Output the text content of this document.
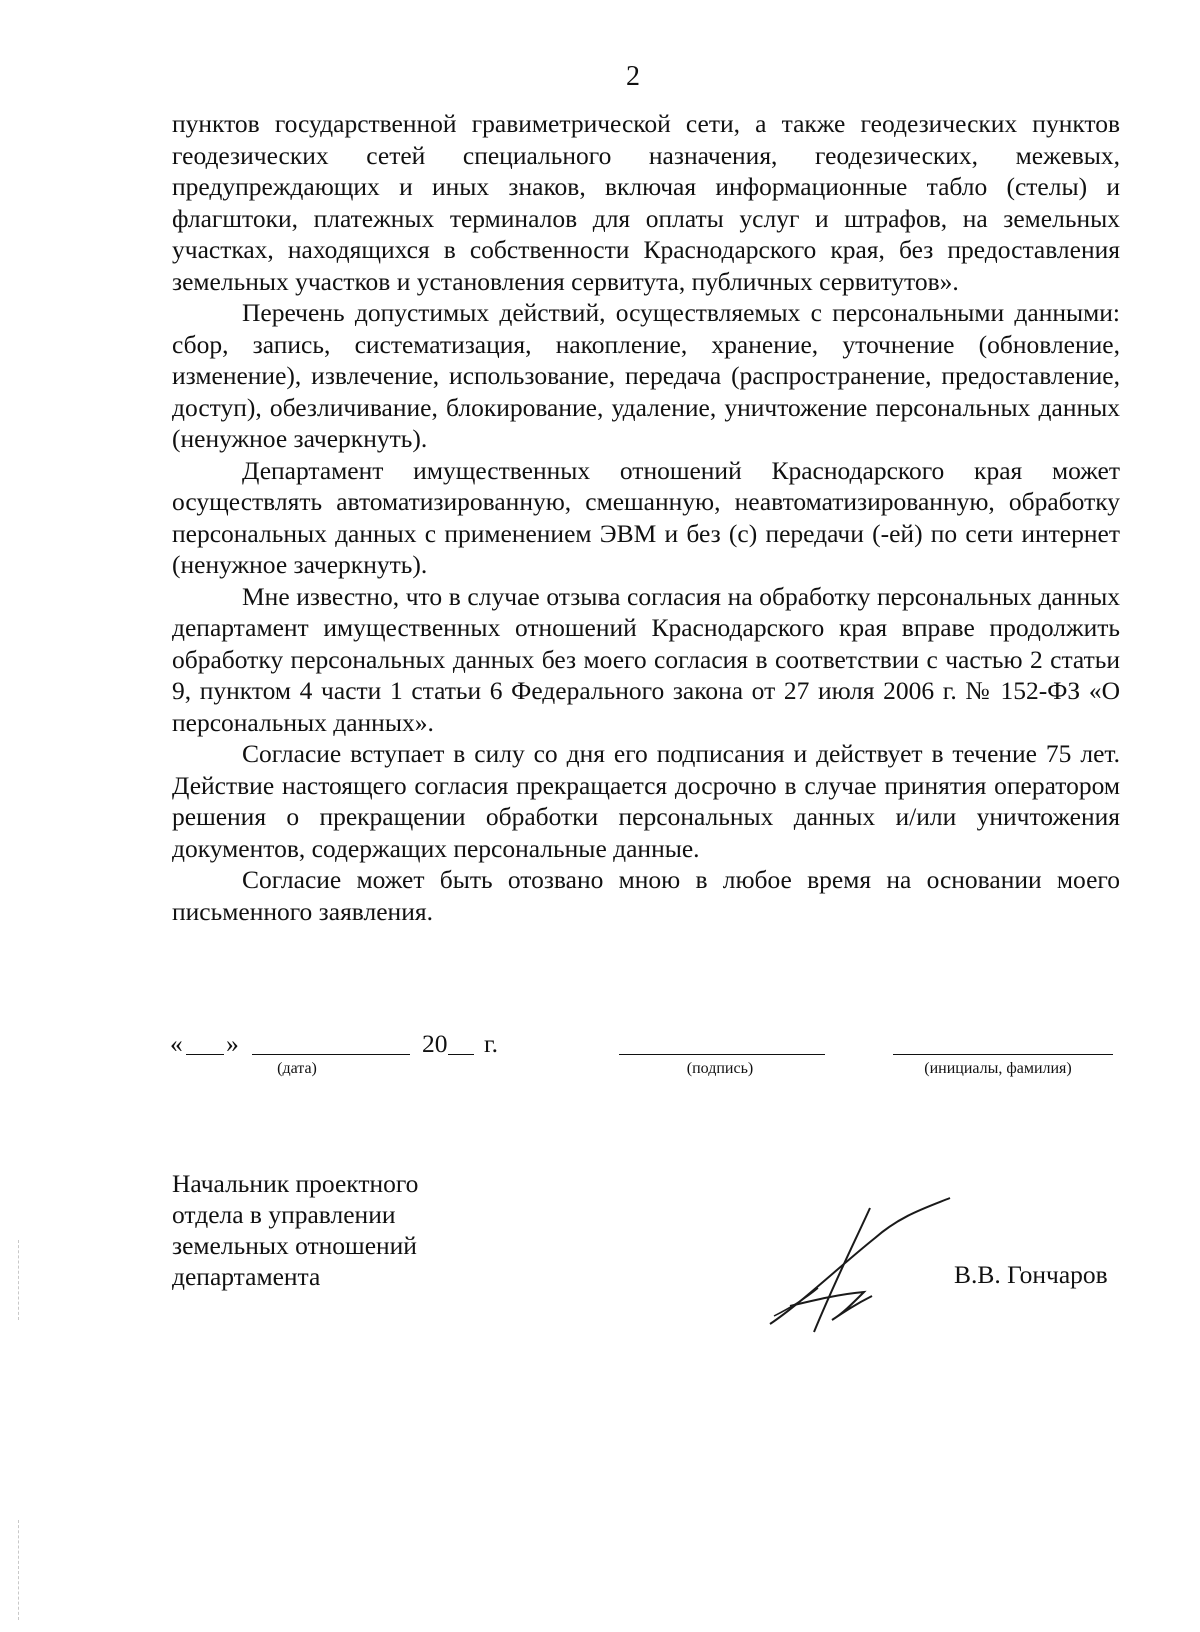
2

пунктов государственной гравиметрической сети, а также геодезических пунктов геодезических сетей специального назначения, геодезических, межевых, предупреждающих и иных знаков, включая информационные табло (стелы) и флагштоки, платежных терминалов для оплаты услуг и штрафов, на земельных участках, находящихся в собственности Краснодарского края, без предоставления земельных участков и установления сервитута, публичных сервитутов».

Перечень допустимых действий, осуществляемых с персональными данными: сбор, запись, систематизация, накопление, хранение, уточнение (обновление, изменение), извлечение, использование, передача (распространение, предоставление, доступ), обезличивание, блокирование, удаление, уничтожение персональных данных (ненужное зачеркнуть).

Департамент имущественных отношений Краснодарского края может осуществлять автоматизированную, смешанную, неавтоматизированную, обработку персональных данных с применением ЭВМ и без (с) передачи (-ей) по сети интернет (ненужное зачеркнуть).

Мне известно, что в случае отзыва согласия на обработку персональных данных департамент имущественных отношений Краснодарского края вправе продолжить обработку персональных данных без моего согласия в соответствии с частью 2 статьи 9, пунктом 4 части 1 статьи 6 Федерального закона от 27 июля 2006 г. № 152-ФЗ «О персональных данных».

Согласие вступает в силу со дня его подписания и действует в течение 75 лет. Действие настоящего согласия прекращается досрочно в случае принятия оператором решения о прекращении обработки персональных данных и/или уничтожения документов, содержащих персональные данные.

Согласие может быть отозвано мною в любое время на основании моего письменного заявления.

« »	20 г.
(дата)	(подпись)	(инициалы, фамилия)
Начальник проектного
отдела в управлении
земельных отношений
департамента	В.В. Гончаров
